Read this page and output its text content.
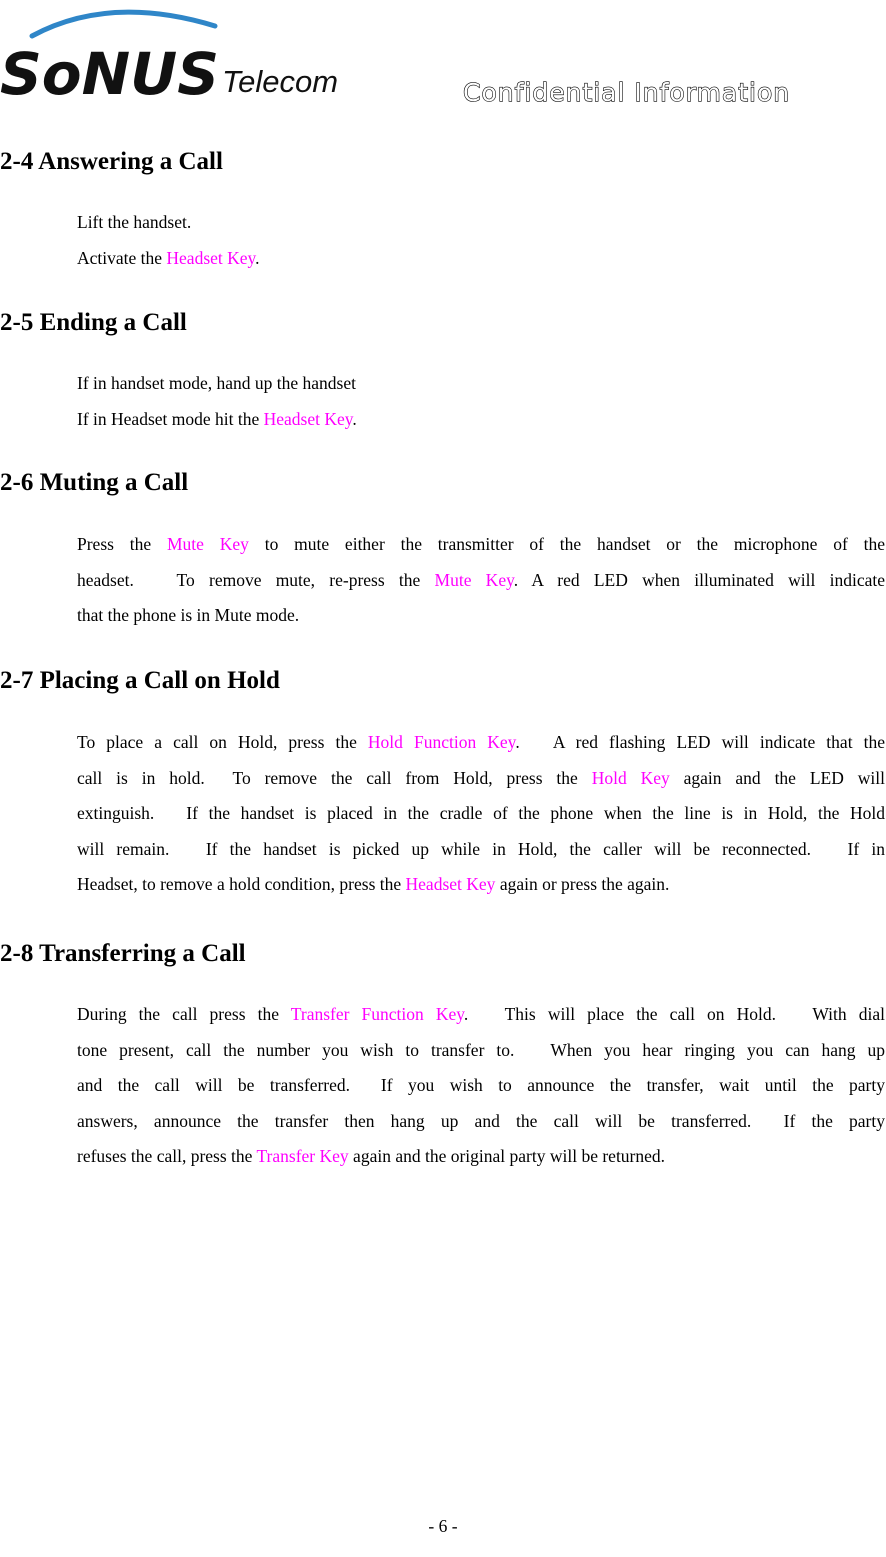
SoNUS Telecom	Confidential Information
2-4 Answering a Call
Lift the handset.
Activate the Headset Key.
2-5 Ending a Call
If in handset mode, hand up the handset
If in Headset mode hit the Headset Key.
2-6 Muting a Call
Press the Mute Key to mute either the transmitter of the handset or the microphone of the
headset.   To remove mute, re-press the Mute Key. A red LED when illuminated will indicate
that the phone is in Mute mode.
2-7 Placing a Call on Hold
To place a call on Hold, press the Hold Function Key.   A red flashing LED will indicate that the
call is in hold.  To remove the call from Hold, press the Hold Key again and the LED will
extinguish.   If the handset is placed in the cradle of the phone when the line is in Hold, the Hold
will remain.   If the handset is picked up while in Hold, the caller will be reconnected.   If in
Headset, to remove a hold condition, press the Headset Key again or press the again.
2-8 Transferring a Call
During the call press the Transfer Function Key.   This will place the call on Hold.   With dial
tone present, call the number you wish to transfer to.   When you hear ringing you can hang up
and the call will be transferred.  If you wish to announce the transfer, wait until the party
answers, announce the transfer then hang up and the call will be transferred.  If the party
refuses the call, press the Transfer Key again and the original party will be returned.
- 6 -
